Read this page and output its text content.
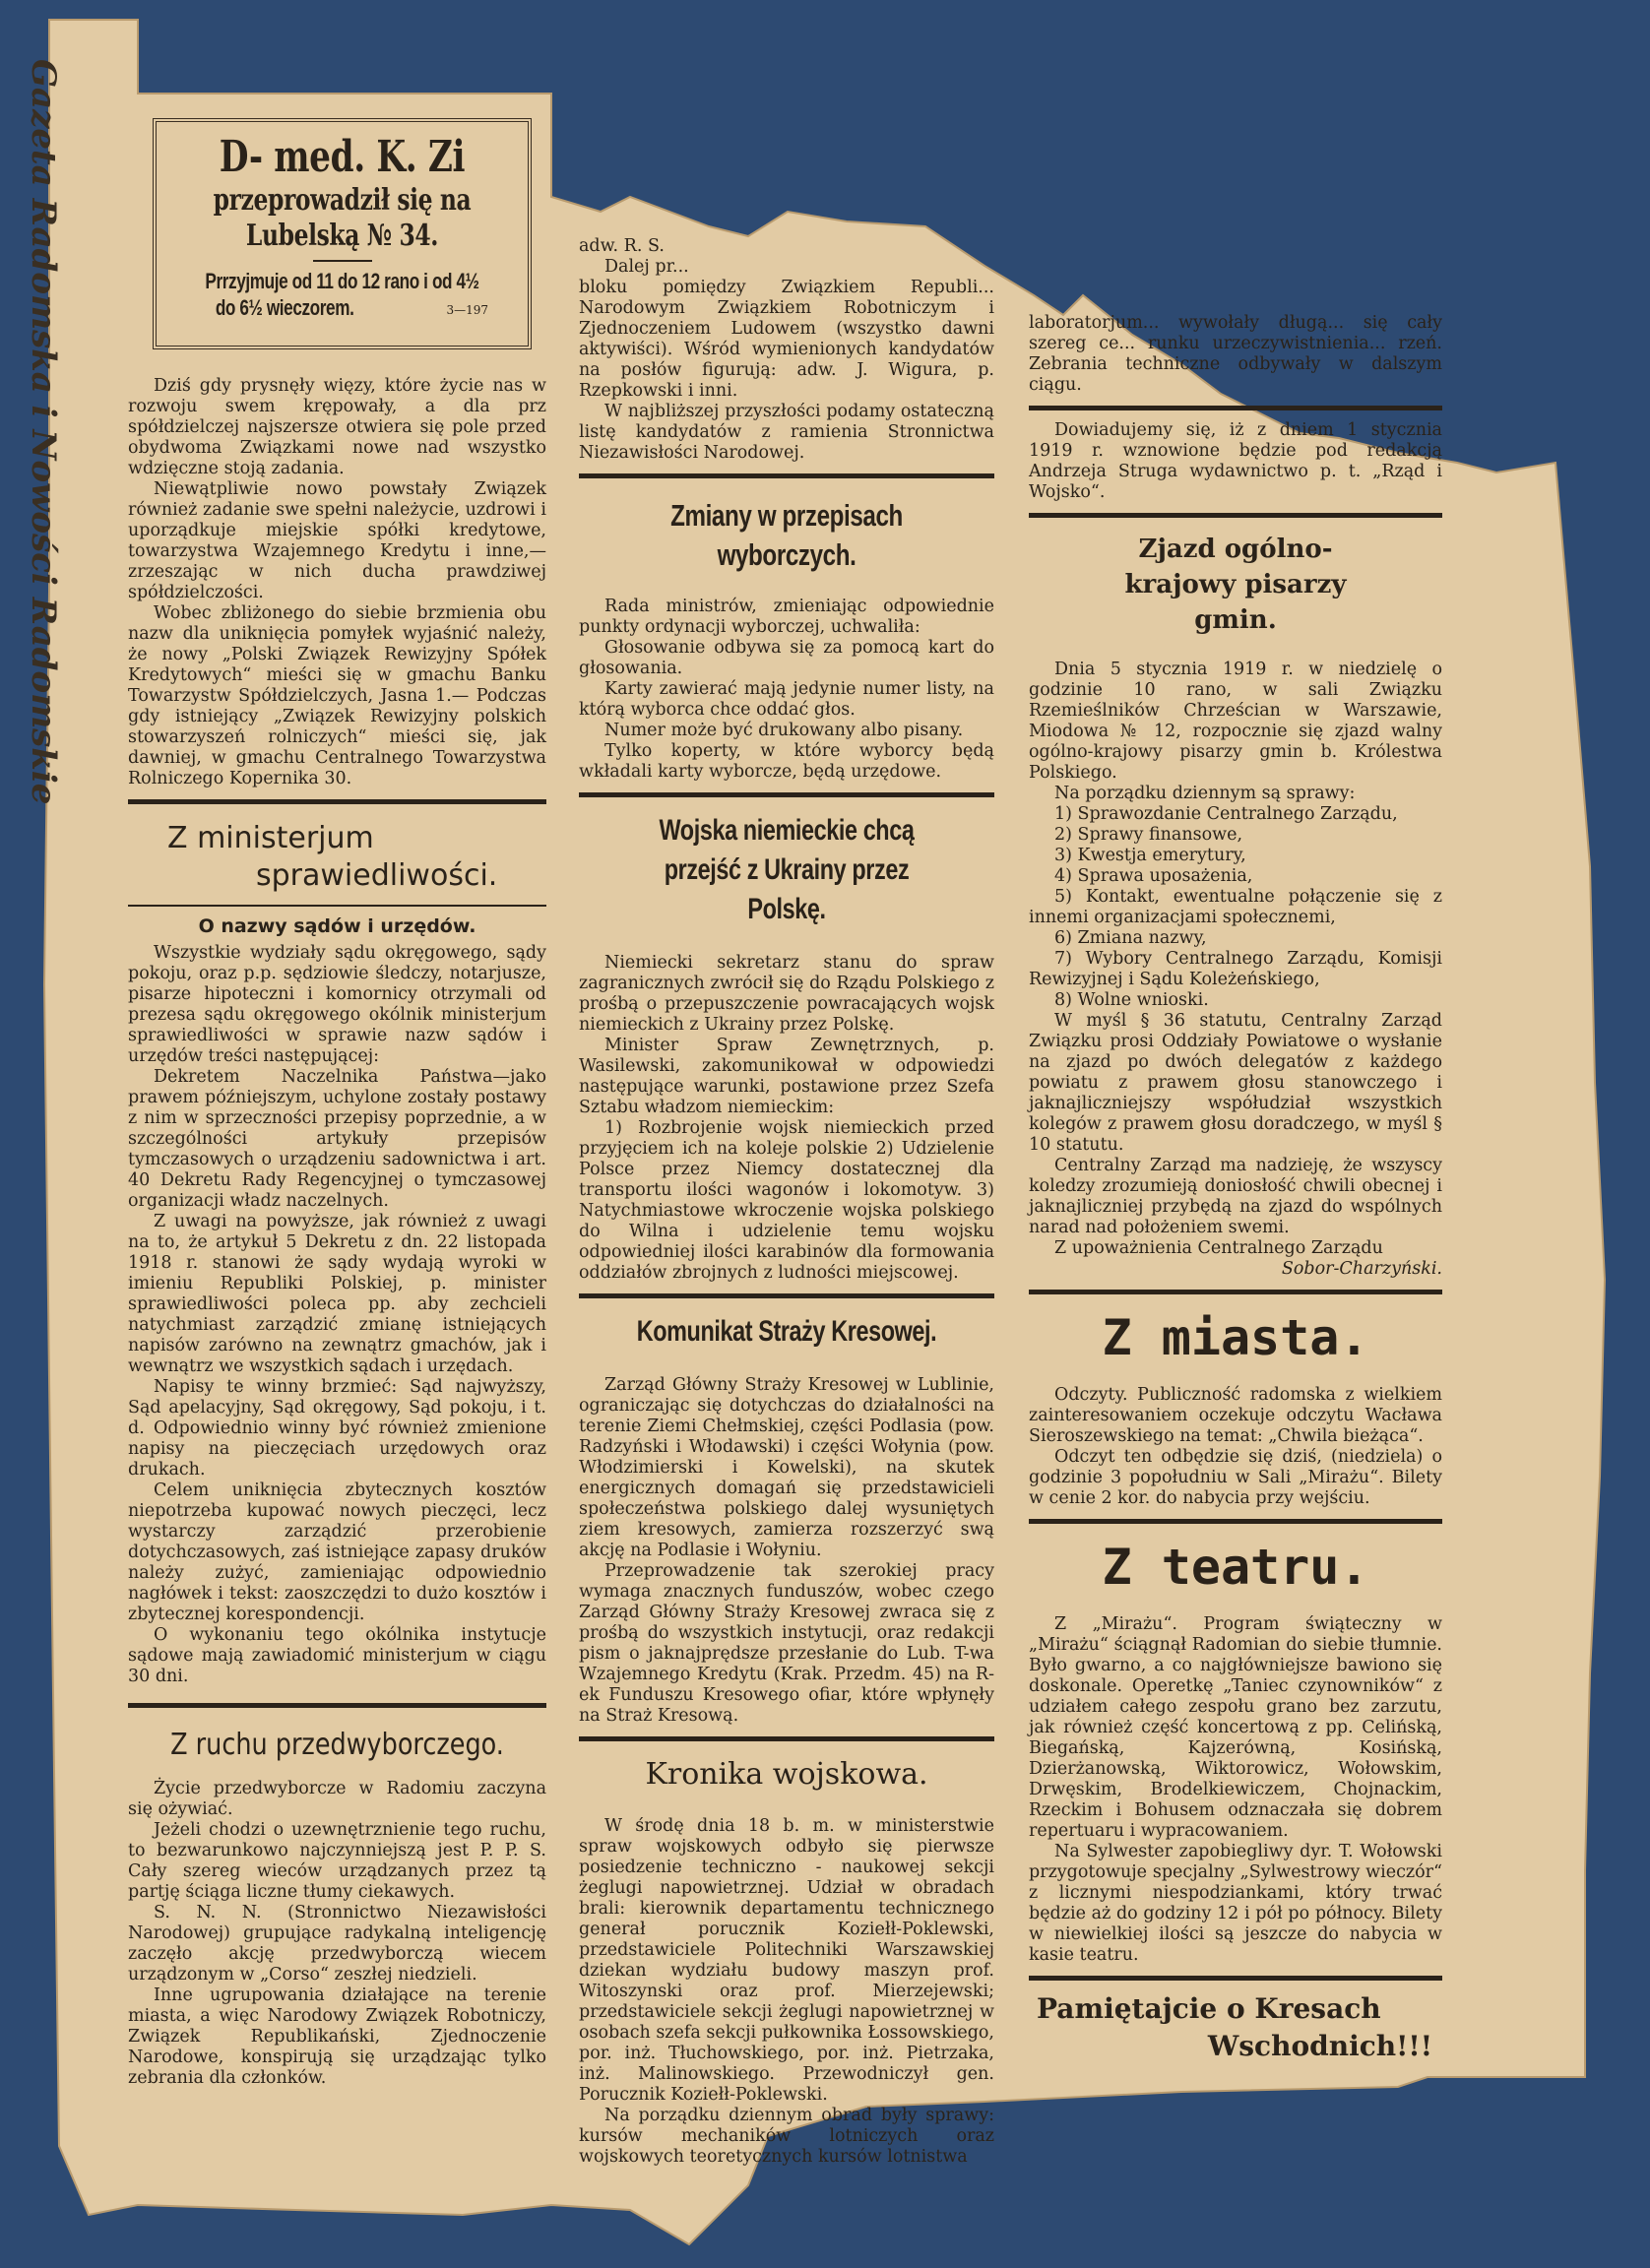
Gazeta Radomska i Nowości Radomskie	D- med. K. Zi
przeprowadził się na Lubelską № 34.
Prrzyjmuje od 11 do 12 rano i od 4½
do 6½ wieczorem.	3—197

Dziś gdy prysnęły więzy, które życie nas w rozwoju swem krępowały, a dla prz spółdzielczej najszersze otwiera się pole przed obydwoma Związkami nowe nad wszystko wdzięczne stoją zadania.

Niewątpliwie nowo powstały Związek również zadanie swe spełni należycie, uzdrowi i uporządkuje miejskie spółki kredytowe, towarzystwa Wzajemnego Kredytu i inne,— zrzeszając w nich ducha prawdziwej spółdzielczości.

Wobec zbliżonego do siebie brzmienia obu nazw dla uniknięcia pomyłek wyjaśnić należy, że nowy „Polski Związek Rewizyjny Spółek Kredytowych“ mieści się w gmachu Banku Towarzystw Spółdzielczych, Jasna 1.— Podczas gdy istniejący „Związek Rewizyjny polskich stowarzyszeń rolniczych“ mieści się, jak dawniej, w gmachu Centralnego Towarzystwa Rolniczego Kopernika 30.

Z ministerjum
sprawiedliwości.
O nazwy sądów i urzędów.

Wszystkie wydziały sądu okręgowego, sądy pokoju, oraz p.p. sędziowie śledczy, notarjusze, pisarze hipoteczni i komornicy otrzymali od prezesa sądu okręgowego okólnik ministerjum sprawiedliwości w sprawie nazw sądów i urzędów treści następującej:

Dekretem Naczelnika Państwa—jako prawem późniejszym, uchylone zostały postawy z nim w sprzeczności przepisy poprzednie, a w szczególności artykuły przepisów tymczasowych o urządzeniu sadownictwa i art. 40 Dekretu Rady Regencyjnej o tymczasowej organizacji władz naczelnych.

Z uwagi na powyższe, jak również z uwagi na to, że artykuł 5 Dekretu z dn. 22 listopada 1918 r. stanowi że sądy wydają wyroki w imieniu Republiki Polskiej, p. minister sprawiedliwości poleca pp. aby zechcieli natychmiast zarządzić zmianę istniejących napisów zarówno na zewnątrz gmachów, jak i wewnątrz we wszystkich sądach i urzędach.

Napisy te winny brzmieć: Sąd najwyższy, Sąd apelacyjny, Sąd okręgowy, Sąd pokoju, i t. d. Odpowiednio winny być również zmienione napisy na pieczęciach urzędowych oraz drukach.

Celem uniknięcia zbytecznych kosztów niepotrzeba kupować nowych pieczęci, lecz wystarczy zarządzić przerobienie dotychczasowych, zaś istniejące zapasy druków należy zużyć, zamieniając odpowiednio nagłówek i tekst: zaoszczędzi to dużo kosztów i zbytecznej korespondencji.

O wykonaniu tego okólnika instytucje sądowe mają zawiadomić ministerjum w ciągu 30 dni.

Z ruchu przedwyborczego.

Życie przedwyborcze w Radomiu zaczyna się ożywiać.

Jeżeli chodzi o uzewnętrznienie tego ruchu, to bezwarunkowo najczynniejszą jest P. P. S. Cały szereg wieców urządzanych przez tą partję ściąga liczne tłumy ciekawych.

S. N. N. (Stronnictwo Niezawisłości Narodowej) grupujące radykalną inteligencję zaczęło akcję przedwyborczą wiecem urządzonym w „Corso“ zeszłej niedzieli.

Inne ugrupowania działające na terenie miasta, a więc Narodowy Związek Robotniczy, Związek Republikański, Zjednoczenie Narodowe, konspirują się urządzając tylko zebrania dla członków.

adw. R. S.

Dalej pr...

bloku pomiędzy Związkiem Republi... Narodowym Związkiem Robotniczym i Zjednoczeniem Ludowem (wszystko dawni aktywiści). Wśród wymienionych kandydatów na posłów figurują: adw. J. Wigura, p. Rzepkowski i inni.

W najbliższej przyszłości podamy ostateczną listę kandydatów z ramienia Stronnictwa Niezawisłości Narodowej.

Zmiany w przepisach wyborczych.

Rada ministrów, zmieniając odpowiednie punkty ordynacji wyborczej, uchwaliła:

Głosowanie odbywa się za pomocą kart do głosowania.

Karty zawierać mają jedynie numer listy, na którą wyborca chce oddać głos.

Numer może być drukowany albo pisany.

Tylko koperty, w które wyborcy będą wkładali karty wyborcze, będą urzędowe.

Wojska niemieckie chcą przejść z Ukrainy przez Polskę.

Niemiecki sekretarz stanu do spraw zagranicznych zwrócił się do Rządu Polskiego z prośbą o przepuszczenie powracających wojsk niemieckich z Ukrainy przez Polskę.

Minister Spraw Zewnętrznych, p. Wasilewski, zakomunikował w odpowiedzi następujące warunki, postawione przez Szefa Sztabu władzom niemieckim:

1) Rozbrojenie wojsk niemieckich przed przyjęciem ich na koleje polskie 2) Udzielenie Polsce przez Niemcy dostatecznej dla transportu ilości wagonów i lokomotyw. 3) Natychmiastowe wkroczenie wojska polskiego do Wilna i udzielenie temu wojsku odpowiedniej ilości karabinów dla formowania oddziałów zbrojnych z ludności miejscowej.

Komunikat Straży Kresowej.

Zarząd Główny Straży Kresowej w Lublinie, ograniczając się dotychczas do działalności na terenie Ziemi Chełmskiej, części Podlasia (pow. Radzyński i Włodawski) i części Wołynia (pow. Włodzimierski i Kowelski), na skutek energicznych domagań się przedstawicieli społeczeństwa polskiego dalej wysuniętych ziem kresowych, zamierza rozszerzyć swą akcję na Podlasie i Wołyniu.

Przeprowadzenie tak szerokiej pracy wymaga znacznych funduszów, wobec czego Zarząd Główny Straży Kresowej zwraca się z prośbą do wszystkich instytucji, oraz redakcji pism o jaknajprędsze przesłanie do Lub. T-wa Wzajemnego Kredytu (Krak. Przedm. 45) na R-ek Funduszu Kresowego ofiar, które wpłynęły na Straż Kresową.

Kronika wojskowa.

W środę dnia 18 b. m. w ministerstwie spraw wojskowych odbyło się pierwsze posiedzenie techniczno - naukowej sekcji żeglugi napowietrznej. Udział w obradach brali: kierownik departamentu technicznego generał porucznik Koziełł-Poklewski, przedstawiciele Politechniki Warszawskiej dziekan wydziału budowy maszyn prof. Witoszynski oraz prof. Mierzejewski; przedstawiciele sekcji żeglugi napowietrznej w osobach szefa sekcji pułkownika Łossowskiego, por. inż. Tłuchowskiego, por. inż. Pietrzaka, inż. Malinowskiego. Przewodniczył gen. Porucznik Koziełł-Poklewski.

Na porządku dziennym obrad były sprawy: kursów mechaników lotniczych oraz wojskowych teoretycznych kursów lotnistwa

laboratorjum... wywołały długą... się cały szereg ce... runku urzeczywistnienia... rzeń. Zebrania techniczne odbywały w dalszym ciągu.

Dowiadujemy się, iż z dniem 1 stycznia 1919 r. wznowione będzie pod redakcją Andrzeja Struga wydawnictwo p. t. „Rząd i Wojsko“.

Zjazd ogólno-krajowy pisarzy gmin.

Dnia 5 stycznia 1919 r. w niedzielę o godzinie 10 rano, w sali Związku Rzemieślników Chrześcian w Warszawie, Miodowa № 12, rozpocznie się zjazd walny ogólno-krajowy pisarzy gmin b. Królestwa Polskiego.

Na porządku dziennym są sprawy:

1) Sprawozdanie Centralnego Zarządu,

2) Sprawy finansowe,

3) Kwestja emerytury,

4) Sprawa uposażenia,

5) Kontakt, ewentualne połączenie się z innemi organizacjami społecznemi,

6) Zmiana nazwy,

7) Wybory Centralnego Zarządu, Komisji Rewizyjnej i Sądu Koleżeńskiego,

8) Wolne wnioski.

W myśl § 36 statutu, Centralny Zarząd Związku prosi Oddziały Powiatowe o wysłanie na zjazd po dwóch delegatów z każdego powiatu z prawem głosu stanowczego i jaknajliczniejszy współudział wszystkich kolegów z prawem głosu doradczego, w myśl § 10 statutu.

Centralny Zarząd ma nadzieję, że wszyscy koledzy zrozumieją doniosłość chwili obecnej i jaknajliczniej przybędą na zjazd do wspólnych narad nad położeniem swemi.

Z upoważnienia Centralnego Zarządu

Sobor-Charzyński.
Z miasta.

Odczyty. Publiczność radomska z wielkiem zainteresowaniem oczekuje odczytu Wacława Sieroszewskiego na temat: „Chwila bieżąca“.

Odczyt ten odbędzie się dziś, (niedziela) o godzinie 3 popołudniu w Sali „Mirażu“. Bilety w cenie 2 kor. do nabycia przy wejściu.

Z teatru.

Z „Mirażu“. Program świąteczny w „Mirażu“ ściągnął Radomian do siebie tłumnie. Było gwarno, a co najgłówniejsze bawiono się doskonale. Operetkę „Taniec czynowników“ z udziałem całego zespołu grano bez zarzutu, jak również część koncertową z pp. Celińską, Biegańską, Kajzerówną, Kosińską, Dzierżanowską, Wiktorowicz, Wołowskim, Drwęskim, Brodelkiewiczem, Chojnackim, Rzeckim i Bohusem odznaczała się dobrem repertuaru i wypracowaniem.

Na Sylwester zapobiegliwy dyr. T. Wołowski przygotowuje specjalny „Sylwestrowy wieczór“ z licznymi niespodziankami, który trwać będzie aż do godziny 12 i pół po północy. Bilety w niewielkiej ilości są jeszcze do nabycia w kasie teatru.

Pamiętajcie o Kresach
Wschodnich!!!
